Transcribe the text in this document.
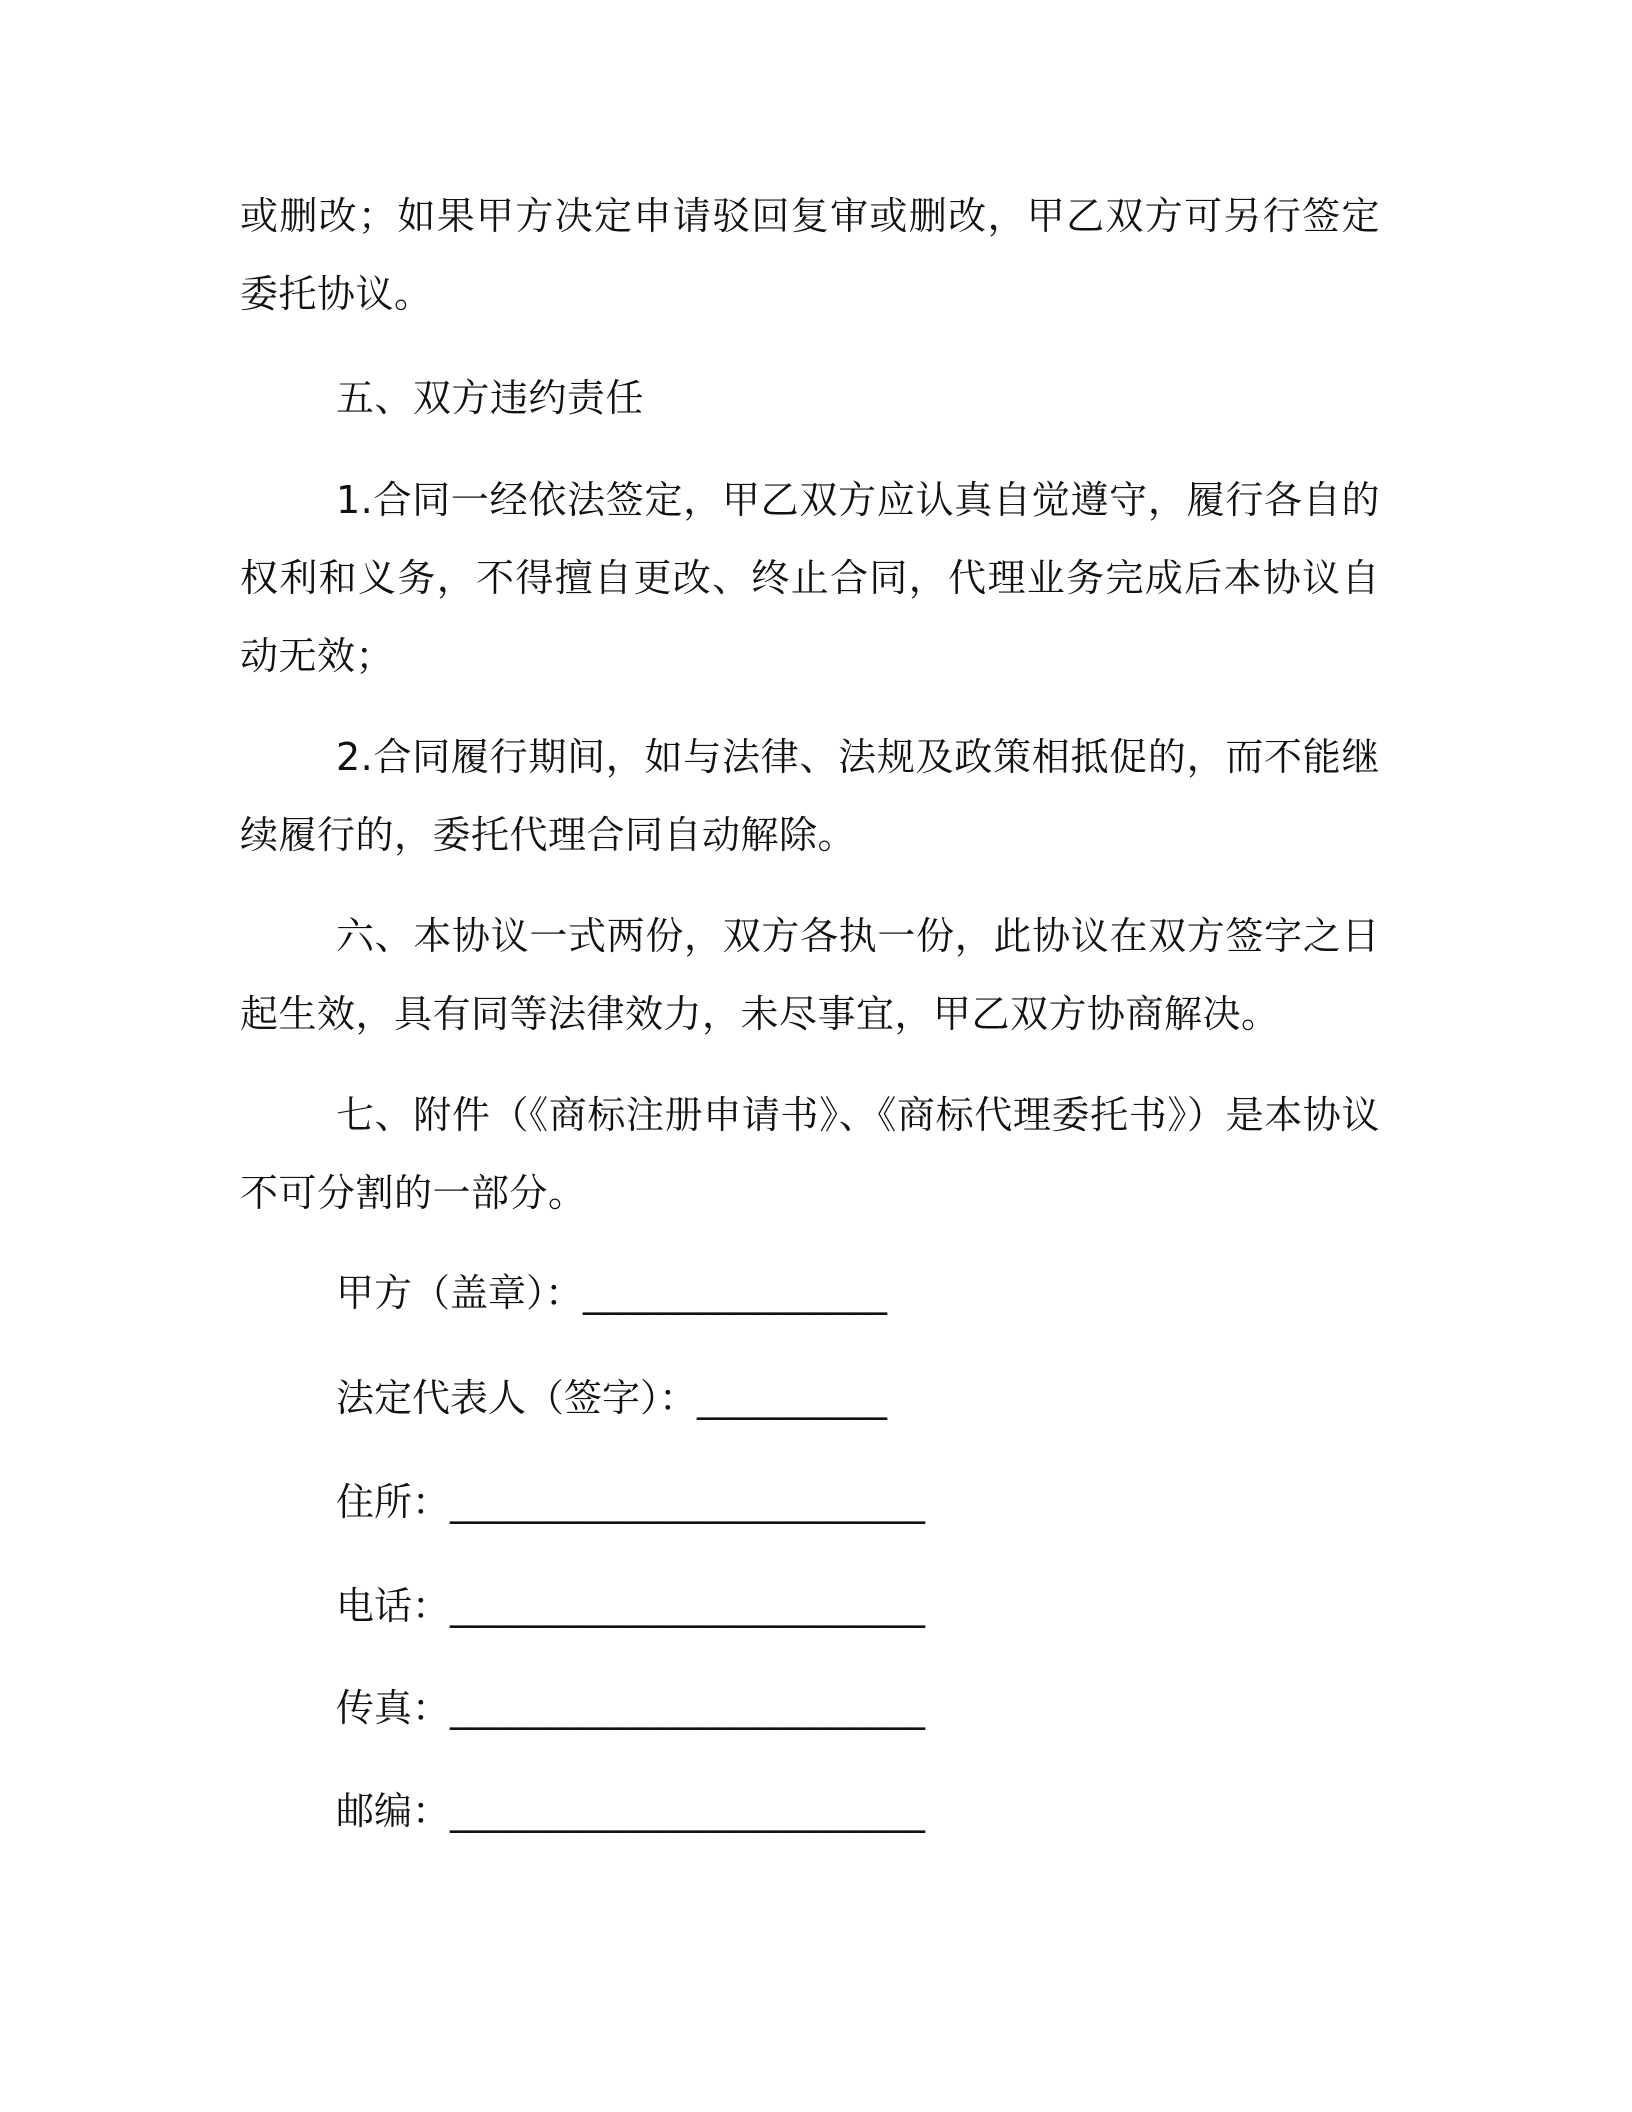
或删改；如果甲方决定申请驳回复审或删改，甲乙双方可另行签定委托协议。

五、双方违约责任

1.合同一经依法签定，甲乙双方应认真自觉遵守，履行各自的权利和义务，不得擅自更改、终止合同，代理业务完成后本协议自动无效；

2.合同履行期间，如与法律、法规及政策相抵促的，而不能继续履行的，委托代理合同自动解除。

六、本协议一式两份，双方各执一份，此协议在双方签字之日起生效，具有同等法律效力，未尽事宜，甲乙双方协商解决。

七、附件（《商标注册申请书》、《商标代理委托书》）是本协议不可分割的一部分。

甲方（盖章）：________________
法定代表人（签字）：__________
住所：_________________________
电话：_________________________
传真：_________________________
邮编：_________________________
